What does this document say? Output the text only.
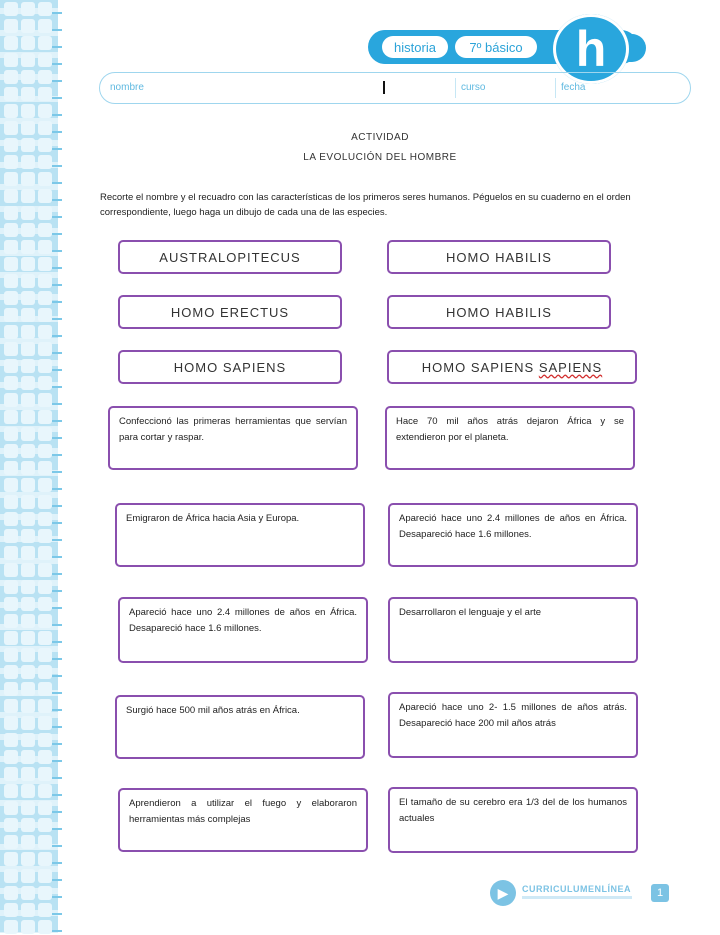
historia	7º básico	h
nombre	curso	fecha
ACTIVIDAD
LA EVOLUCIÓN DEL HOMBRE
Recorte el nombre y el recuadro con las características de los primeros seres humanos. Péguelos en su cuaderno en el orden correspondiente, luego haga un dibujo de cada una de las especies.
AUSTRALOPITECUS	HOMO HABILIS
HOMO ERECTUS	HOMO HABILIS
HOMO SAPIENS	HOMO SAPIENS SAPIENS
Confeccionó las primeras herramientas que servían para cortar y raspar.
Hace 70 mil años atrás dejaron África y se extendieron por el planeta.
Emigraron de África hacia Asia y Europa.	Apareció hace uno 2.4 millones de años en África. Desapareció hace 1.6 millones.
Apareció hace uno 2.4 millones de años en África. Desapareció hace 1.6 millones.
Desarrollaron el lenguaje y el arte
Surgió hace 500 mil años atrás en África.	Apareció hace uno 2- 1.5 millones de años atrás. Desapareció hace 200 mil años atrás
Aprendieron a utilizar el fuego y elaboraron herramientas más complejas
El tamaño de su cerebro era 1/3 del de los humanos actuales
▶	CURRICULUMENLÍNEA	1
